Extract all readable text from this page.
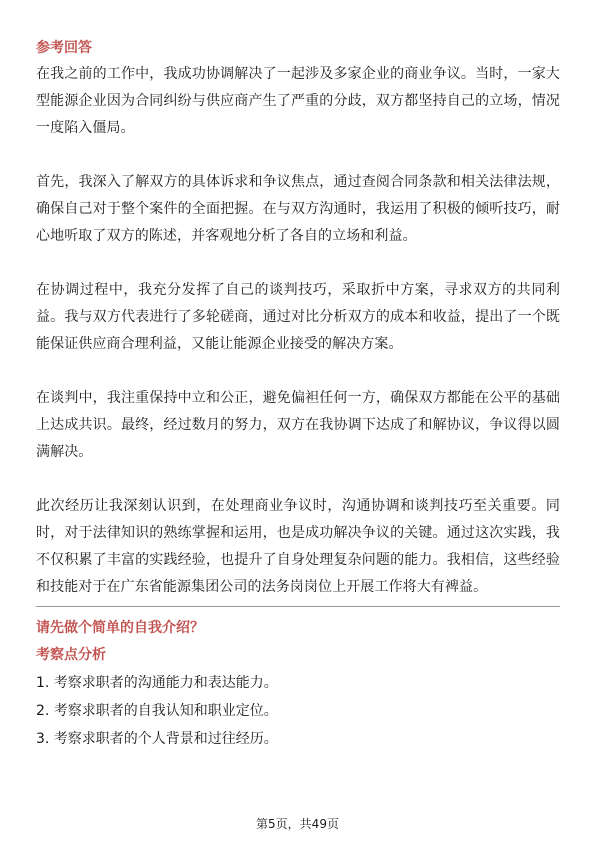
参考回答

在我之前的工作中，我成功协调解决了一起涉及多家企业的商业争议。当时，一家大型能源企业因为合同纠纷与供应商产生了严重的分歧，双方都坚持自己的立场，情况一度陷入僵局。

首先，我深入了解双方的具体诉求和争议焦点，通过查阅合同条款和相关法律法规，确保自己对于整个案件的全面把握。在与双方沟通时，我运用了积极的倾听技巧，耐心地听取了双方的陈述，并客观地分析了各自的立场和利益。

在协调过程中，我充分发挥了自己的谈判技巧，采取折中方案，寻求双方的共同利益。我与双方代表进行了多轮磋商，通过对比分析双方的成本和收益，提出了一个既能保证供应商合理利益，又能让能源企业接受的解决方案。

在谈判中，我注重保持中立和公正，避免偏袒任何一方，确保双方都能在公平的基础上达成共识。最终，经过数月的努力，双方在我协调下达成了和解协议，争议得以圆满解决。

此次经历让我深刻认识到，在处理商业争议时，沟通协调和谈判技巧至关重要。同时，对于法律知识的熟练掌握和运用，也是成功解决争议的关键。通过这次实践，我不仅积累了丰富的实践经验，也提升了自身处理复杂问题的能力。我相信，这些经验和技能对于在广东省能源集团公司的法务岗岗位上开展工作将大有裨益。

请先做个简单的自我介绍？
考察点分析

1. 考察求职者的沟通能力和表达能力。

2. 考察求职者的自我认知和职业定位。

3. 考察求职者的个人背景和过往经历。

第5页，共49页
